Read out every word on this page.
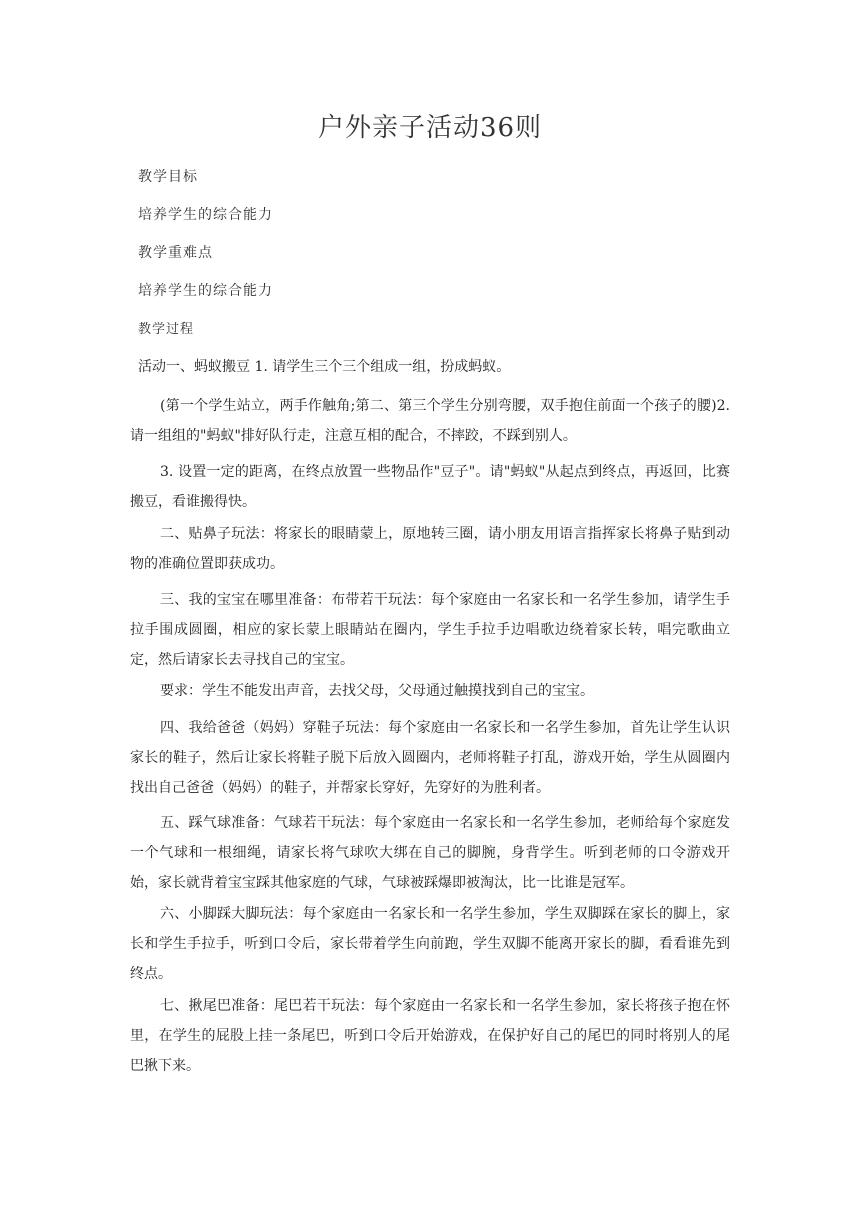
户外亲子活动36则
教学目标
培养学生的综合能力
教学重难点
培养学生的综合能力
教学过程
活动一、蚂蚁搬豆 1. 请学生三个三个组成一组，扮成蚂蚁。
(第一个学生站立，两手作触角;第二、第三个学生分别弯腰，双手抱住前面一个孩子的腰)2. 请一组组的"蚂蚁"排好队行走，注意互相的配合，不摔跤，不踩到别人。
3. 设置一定的距离，在终点放置一些物品作"豆子"。请"蚂蚁"从起点到终点，再返回，比赛搬豆，看谁搬得快。
二、贴鼻子玩法：将家长的眼睛蒙上，原地转三圈，请小朋友用语言指挥家长将鼻子贴到动物的准确位置即获成功。
三、我的宝宝在哪里准备：布带若干玩法：每个家庭由一名家长和一名学生参加，请学生手拉手围成圆圈，相应的家长蒙上眼睛站在圈内，学生手拉手边唱歌边绕着家长转，唱完歌曲立定，然后请家长去寻找自己的宝宝。
要求：学生不能发出声音，去找父母，父母通过触摸找到自己的宝宝。
四、我给爸爸（妈妈）穿鞋子玩法：每个家庭由一名家长和一名学生参加，首先让学生认识家长的鞋子，然后让家长将鞋子脱下后放入圆圈内，老师将鞋子打乱，游戏开始，学生从圆圈内找出自己爸爸（妈妈）的鞋子，并帮家长穿好，先穿好的为胜利者。
五、踩气球准备：气球若干玩法：每个家庭由一名家长和一名学生参加，老师给每个家庭发一个气球和一根细绳，请家长将气球吹大绑在自己的脚腕，身背学生。听到老师的口令游戏开始，家长就背着宝宝踩其他家庭的气球，气球被踩爆即被淘汰，比一比谁是冠军。
六、小脚踩大脚玩法：每个家庭由一名家长和一名学生参加，学生双脚踩在家长的脚上，家长和学生手拉手，听到口令后，家长带着学生向前跑，学生双脚不能离开家长的脚，看看谁先到终点。
七、揪尾巴准备：尾巴若干玩法：每个家庭由一名家长和一名学生参加，家长将孩子抱在怀里，在学生的屁股上挂一条尾巴，听到口令后开始游戏，在保护好自己的尾巴的同时将别人的尾巴揪下来。
